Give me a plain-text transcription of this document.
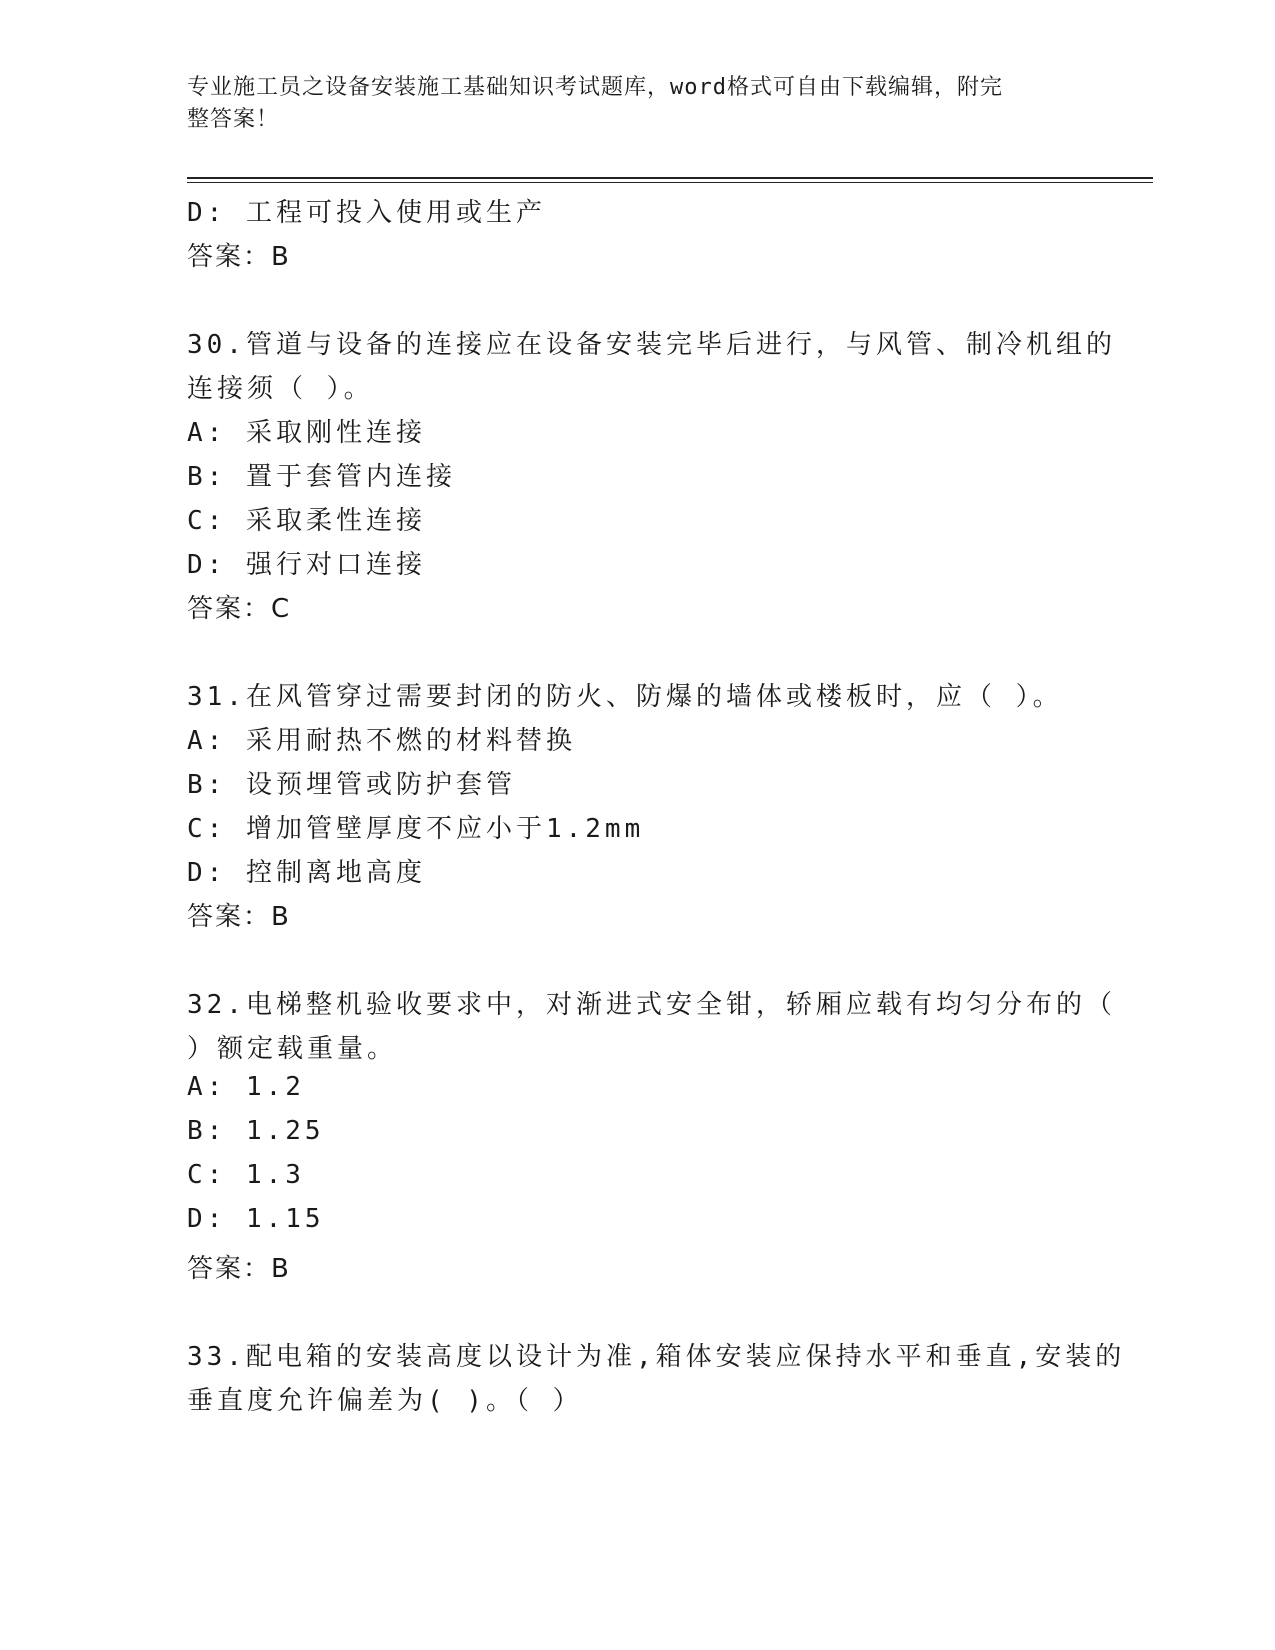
专业施工员之设备安装施工基础知识考试题库，word格式可自由下载编辑，附完
整答案！
D: 工程可投入使用或生产
答案：B
30.管道与设备的连接应在设备安装完毕后进行，与风管、制冷机组的
连接须（ ）。
A: 采取刚性连接
B: 置于套管内连接
C: 采取柔性连接
D: 强行对口连接
答案：C
31.在风管穿过需要封闭的防火、防爆的墙体或楼板时，应（ ）。
A: 采用耐热不燃的材料替换
B: 设预埋管或防护套管
C: 增加管壁厚度不应小于1.2mm
D: 控制离地高度
答案：B
32.电梯整机验收要求中，对渐进式安全钳，轿厢应载有均匀分布的（
）额定载重量。
A: 1.2
B: 1.25
C: 1.3
D: 1.15
答案：B
33.配电箱的安装高度以设计为准,箱体安装应保持水平和垂直,安装的
垂直度允许偏差为( )。（ ）
